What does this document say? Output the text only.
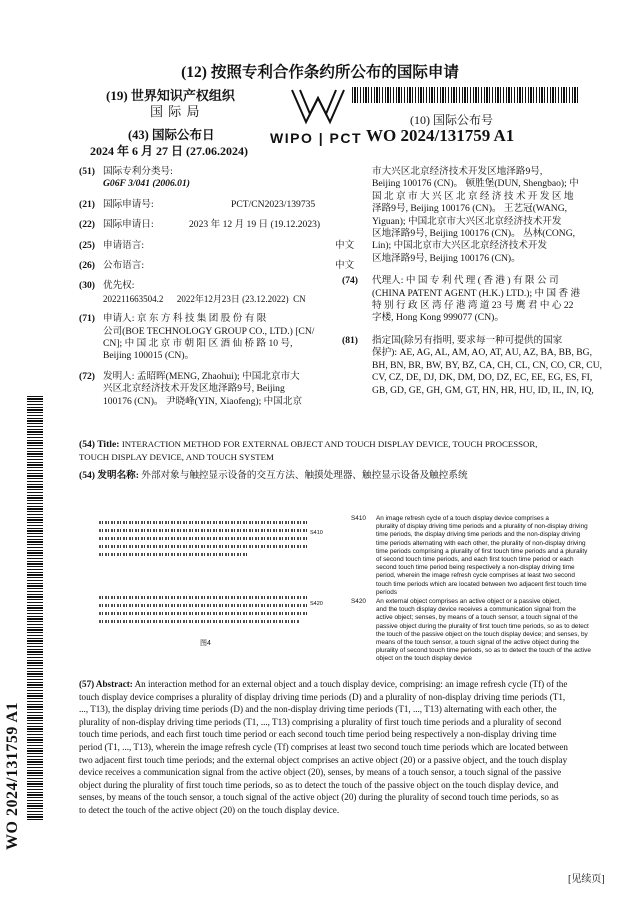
(12) 按照专利合作条约所公布的国际申请
(19) 世界知识产权组织
国 际 局
(43) 国际公布日
2024 年 6 月 27 日 (27.06.2024)
WIPO | PCT
(10) 国际公布号
WO 2024/131759 A1
(51) 国际专利分类号:
G06F 3/041 (2006.01)
(21) 国际申请号:	PCT/CN2023/139735
(22) 国际申请日:	2023 年 12 月 19 日 (19.12.2023)
(25) 申请语言:	中文
(26) 公布语言:	中文
(30) 优先权:
202211663504.2      2022年12月23日 (23.12.2022)  CN
(71) 申请人: 京 东 方 科 技 集 团 股 份 有 限
公司(BOE TECHNOLOGY GROUP CO., LTD.) [CN/
CN]; 中 国 北 京 市 朝 阳 区 酒 仙 桥 路 10 号,
Beijing 100015 (CN)。
(72) 发明人: 孟昭晖(MENG, Zhaohui); 中国北京市大
兴区北京经济技术开发区地泽路9号, Beijing
100176 (CN)。 尹晓峰(YIN, Xiaofeng); 中国北京
市大兴区北京经济技术开发区地泽路9号,
Beijing 100176 (CN)。 顿胜堡(DUN, Shengbao); 中
国 北 京 市 大 兴 区 北 京 经 济 技 术 开 发 区 地
泽路9号, Beijing 100176 (CN)。 王艺冠(WANG,
Yiguan); 中国北京市大兴区北京经济技术开发
区地泽路9号, Beijing 100176 (CN)。 丛林(CONG,
Lin); 中国北京市大兴区北京经济技术开发
区地泽路9号, Beijing 100176 (CN)。
(74)	代理人: 中 国 专 利 代 理 ( 香 港 ) 有 限 公 司
(CHINA PATENT AGENT (H.K.) LTD.); 中 国 香 港
特 别 行 政 区 湾 仔 港 湾 道 23 号 鹰 君 中 心 22
字楼, Hong Kong 999077 (CN)。
(81)	指定国(除另有指明, 要求每一种可提供的国家
保护): AE, AG, AL, AM, AO, AT, AU, AZ, BA, BB, BG,
BH, BN, BR, BW, BY, BZ, CA, CH, CL, CN, CO, CR, CU,
CV, CZ, DE, DJ, DK, DM, DO, DZ, EC, EE, EG, ES, FI,
GB, GD, GE, GH, GM, GT, HN, HR, HU, ID, IL, IN, IQ,
(54) Title: INTERACTION METHOD FOR EXTERNAL OBJECT AND TOUCH DISPLAY DEVICE, TOUCH PROCESSOR,
TOUCH DISPLAY DEVICE, AND TOUCH SYSTEM
(54) 发明名称: 外部对象与触控显示设备的交互方法、触摸处理器、触控显示设备及触控系统
S410
S420
图4
S410 An image refresh cycle of a touch display device comprises a
plurality of display driving time periods and a plurality of non-display driving
time periods, the display driving time periods and the non-display driving
time periods alternating with each other, the plurality of non-display driving
time periods comprising a plurality of first touch time periods and a plurality
of second touch time periods, and each first touch time period or each
second touch time period being respectively a non-display driving time
period, wherein the image refresh cycle comprises at least two second
touch time periods which are located between two adjacent first touch time
periods
S420 An external object comprises an active object or a passive object,
and the touch display device receives a communication signal from the
active object; senses, by means of a touch sensor, a touch signal of the
passive object during the plurality of first touch time periods, so as to detect
the touch of the passive object on the touch display device; and senses, by
means of the touch sensor, a touch signal of the active object during the
plurality of second touch time periods, so as to detect the touch of the active
object on the touch display device
(57) Abstract: An interaction method for an external object and a touch display device, comprising: an image refresh cycle (Tf) of the
touch display device comprises a plurality of display driving time periods (D) and a plurality of non-display driving time periods (T1,
..., T13), the display driving time periods (D) and the non-display driving time periods (T1, ..., T13) alternating with each other, the
plurality of non-display driving time periods (T1, ..., T13) comprising a plurality of first touch time periods and a plurality of second
touch time periods, and each first touch time period or each second touch time period being respectively a non-display driving time
period (T1, ..., T13), wherein the image refresh cycle (Tf) comprises at least two second touch time periods which are located between
two adjacent first touch time periods; and the external object comprises an active object (20) or a passive object, and the touch display
device receives a communication signal from the active object (20), senses, by means of a touch sensor, a touch signal of the passive
object during the plurality of first touch time periods, so as to detect the touch of the passive object on the touch display device, and
senses, by means of the touch sensor, a touch signal of the active object (20) during the plurality of second touch time periods, so as
to detect the touch of the active object (20) on the touch display device.
WO 2024/131759 A1
[见续页]
